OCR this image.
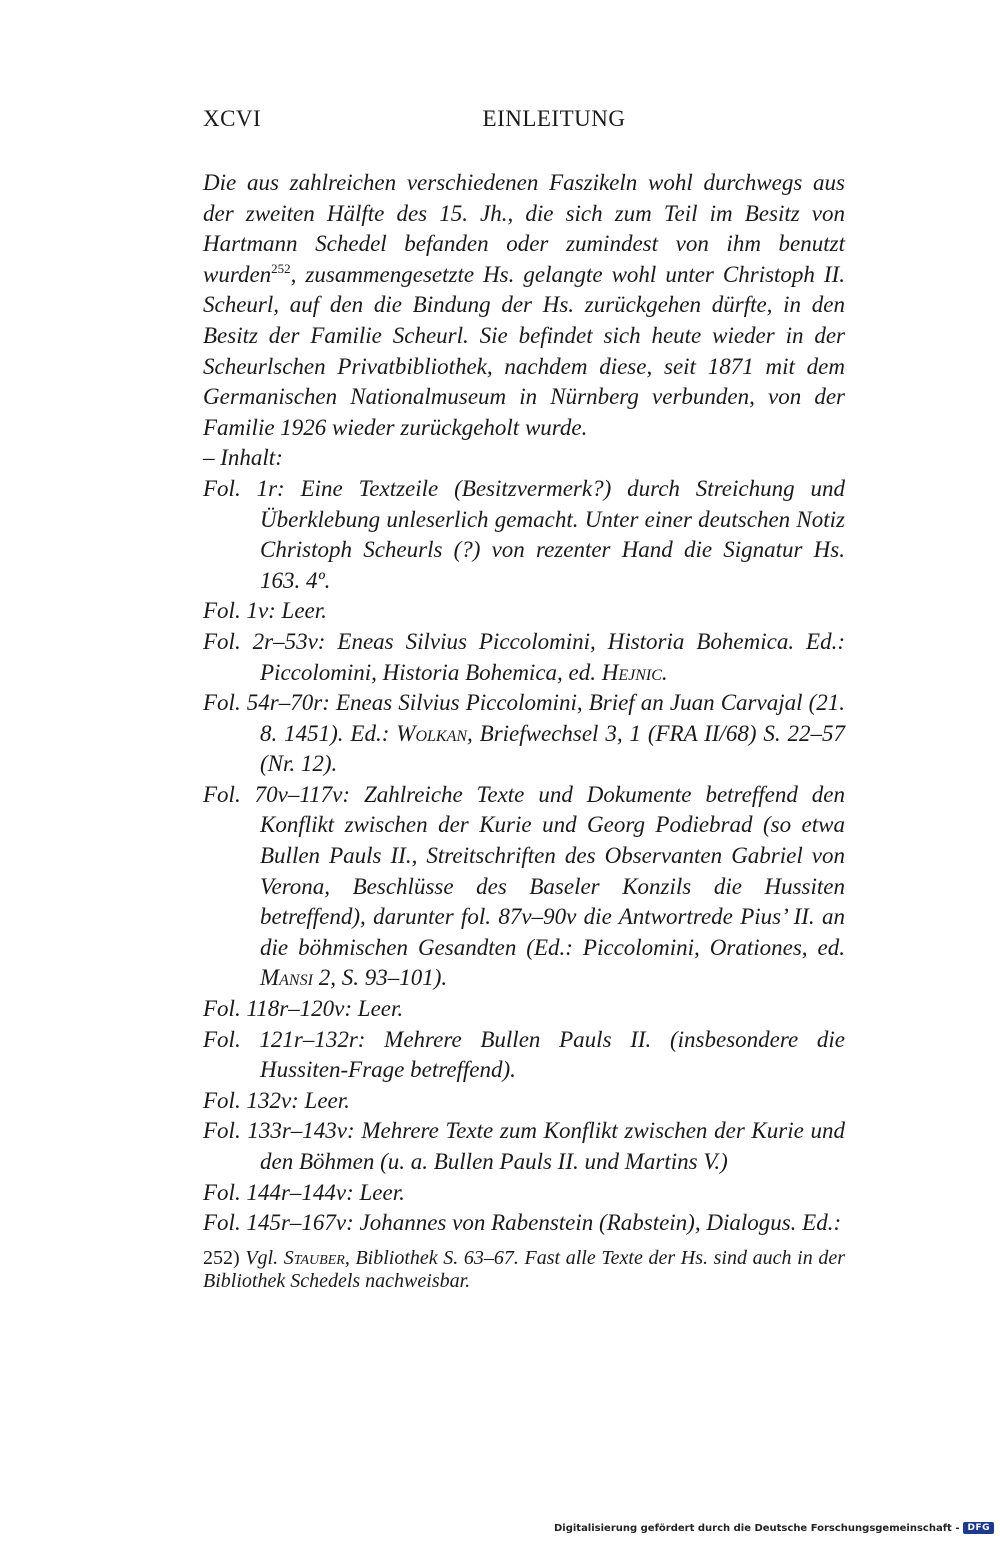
XCVI	EINLEITUNG

Die aus zahlreichen verschiedenen Faszikeln wohl durchwegs aus der zweiten Hälfte des 15. Jh., die sich zum Teil im Besitz von Hartmann Schedel befanden oder zumindest von ihm benutzt wurden$^{252}$, zusammengesetzte Hs. gelangte wohl unter Christoph II. Scheurl, auf den die Bindung der Hs. zurückgehen dürfte, in den Besitz der Familie Scheurl. Sie befindet sich heute wieder in der Scheurlschen Privatbibliothek, nachdem diese, seit 1871 mit dem Germanischen Nationalmuseum in Nürnberg verbunden, von der Familie 1926 wieder zurückgeholt wurde.

– Inhalt:

Fol. 1r: Eine Textzeile (Besitzvermerk?) durch Streichung und Überklebung unleserlich gemacht. Unter einer deutschen Notiz Christoph Scheurls (?) von rezenter Hand die Signatur Hs. 163. 4º.

Fol. 1v: Leer.

Fol. 2r–53v: Eneas Silvius Piccolomini, Historia Bohemica. Ed.: Piccolomini, Historia Bohemica, ed. Hejnic.

Fol. 54r–70r: Eneas Silvius Piccolomini, Brief an Juan Carvajal (21. 8. 1451). Ed.: Wolkan, Briefwechsel 3, 1 (FRA II/68) S. 22–57 (Nr. 12).

Fol. 70v–117v: Zahlreiche Texte und Dokumente betreffend den Konflikt zwischen der Kurie und Georg Podiebrad (so etwa Bullen Pauls II., Streitschriften des Observanten Gabriel von Verona, Beschlüsse des Baseler Konzils die Hussiten betreffend), darunter fol. 87v–90v die Antwortrede Pius’ II. an die böhmischen Gesandten (Ed.: Piccolomini, Orationes, ed. Mansi 2, S. 93–101).

Fol. 118r–120v: Leer.

Fol. 121r–132r: Mehrere Bullen Pauls II. (insbesondere die Hussiten-Frage betreffend).

Fol. 132v: Leer.

Fol. 133r–143v: Mehrere Texte zum Konflikt zwischen der Kurie und den Böhmen (u. a. Bullen Pauls II. und Martins V.)

Fol. 144r–144v: Leer.

Fol. 145r–167v: Johannes von Rabenstein (Rabstein), Dialogus. Ed.:

252) Vgl. Stauber, Bibliothek S. 63–67. Fast alle Texte der Hs. sind auch in der Bibliothek Schedels nachweisbar.
Digitalisierung gefördert durch die Deutsche Forschungsgemeinschaft - DFG
